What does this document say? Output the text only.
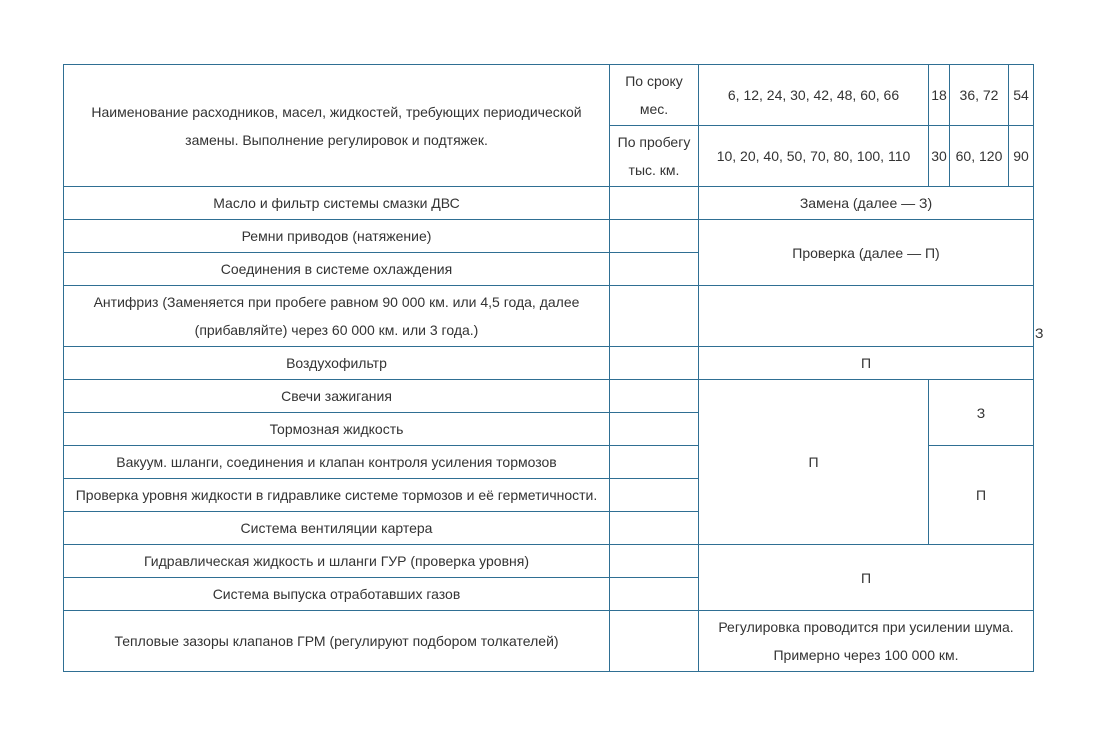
Наименование расходников, масел, жидкостей, требующих периодической замены. Выполнение регулировок и подтяжек.	По сроку мес.	6, 12, 24, 30, 42, 48, 60, 66	18	36, 72	54	
	По пробегу тыс. км.	10, 20, 40, 50, 70, 80, 100, 110	30	60, 120	90	
Масло и фильтр системы смазки ДВС		Замена (далее — З)				
Ремни приводов (натяжение)		Проверка (далее — П)				
Соединения в системе охлаждения						
Антифриз (Заменяется при пробеге равном 90 000 км. или 4,5 года, далее (прибавляйте) через 60 000 км. или 3 года.)						З
Воздухофильтр		П				
Свечи зажигания		П	З			
Тормозная жидкость						
Вакуум. шланги, соединения и клапан контроля усиления тормозов			П			
Проверка уровня жидкости в гидравлике системе тормозов и её герметичности.						
Система вентиляции картера						
Гидравлическая жидкость и шланги ГУР (проверка уровня)		П				
Система выпуска отработавших газов						
Тепловые зазоры клапанов ГРМ (регулируют подбором толкателей)		Регулировка проводится при усилении шума. Примерно через 100 000 км.				
